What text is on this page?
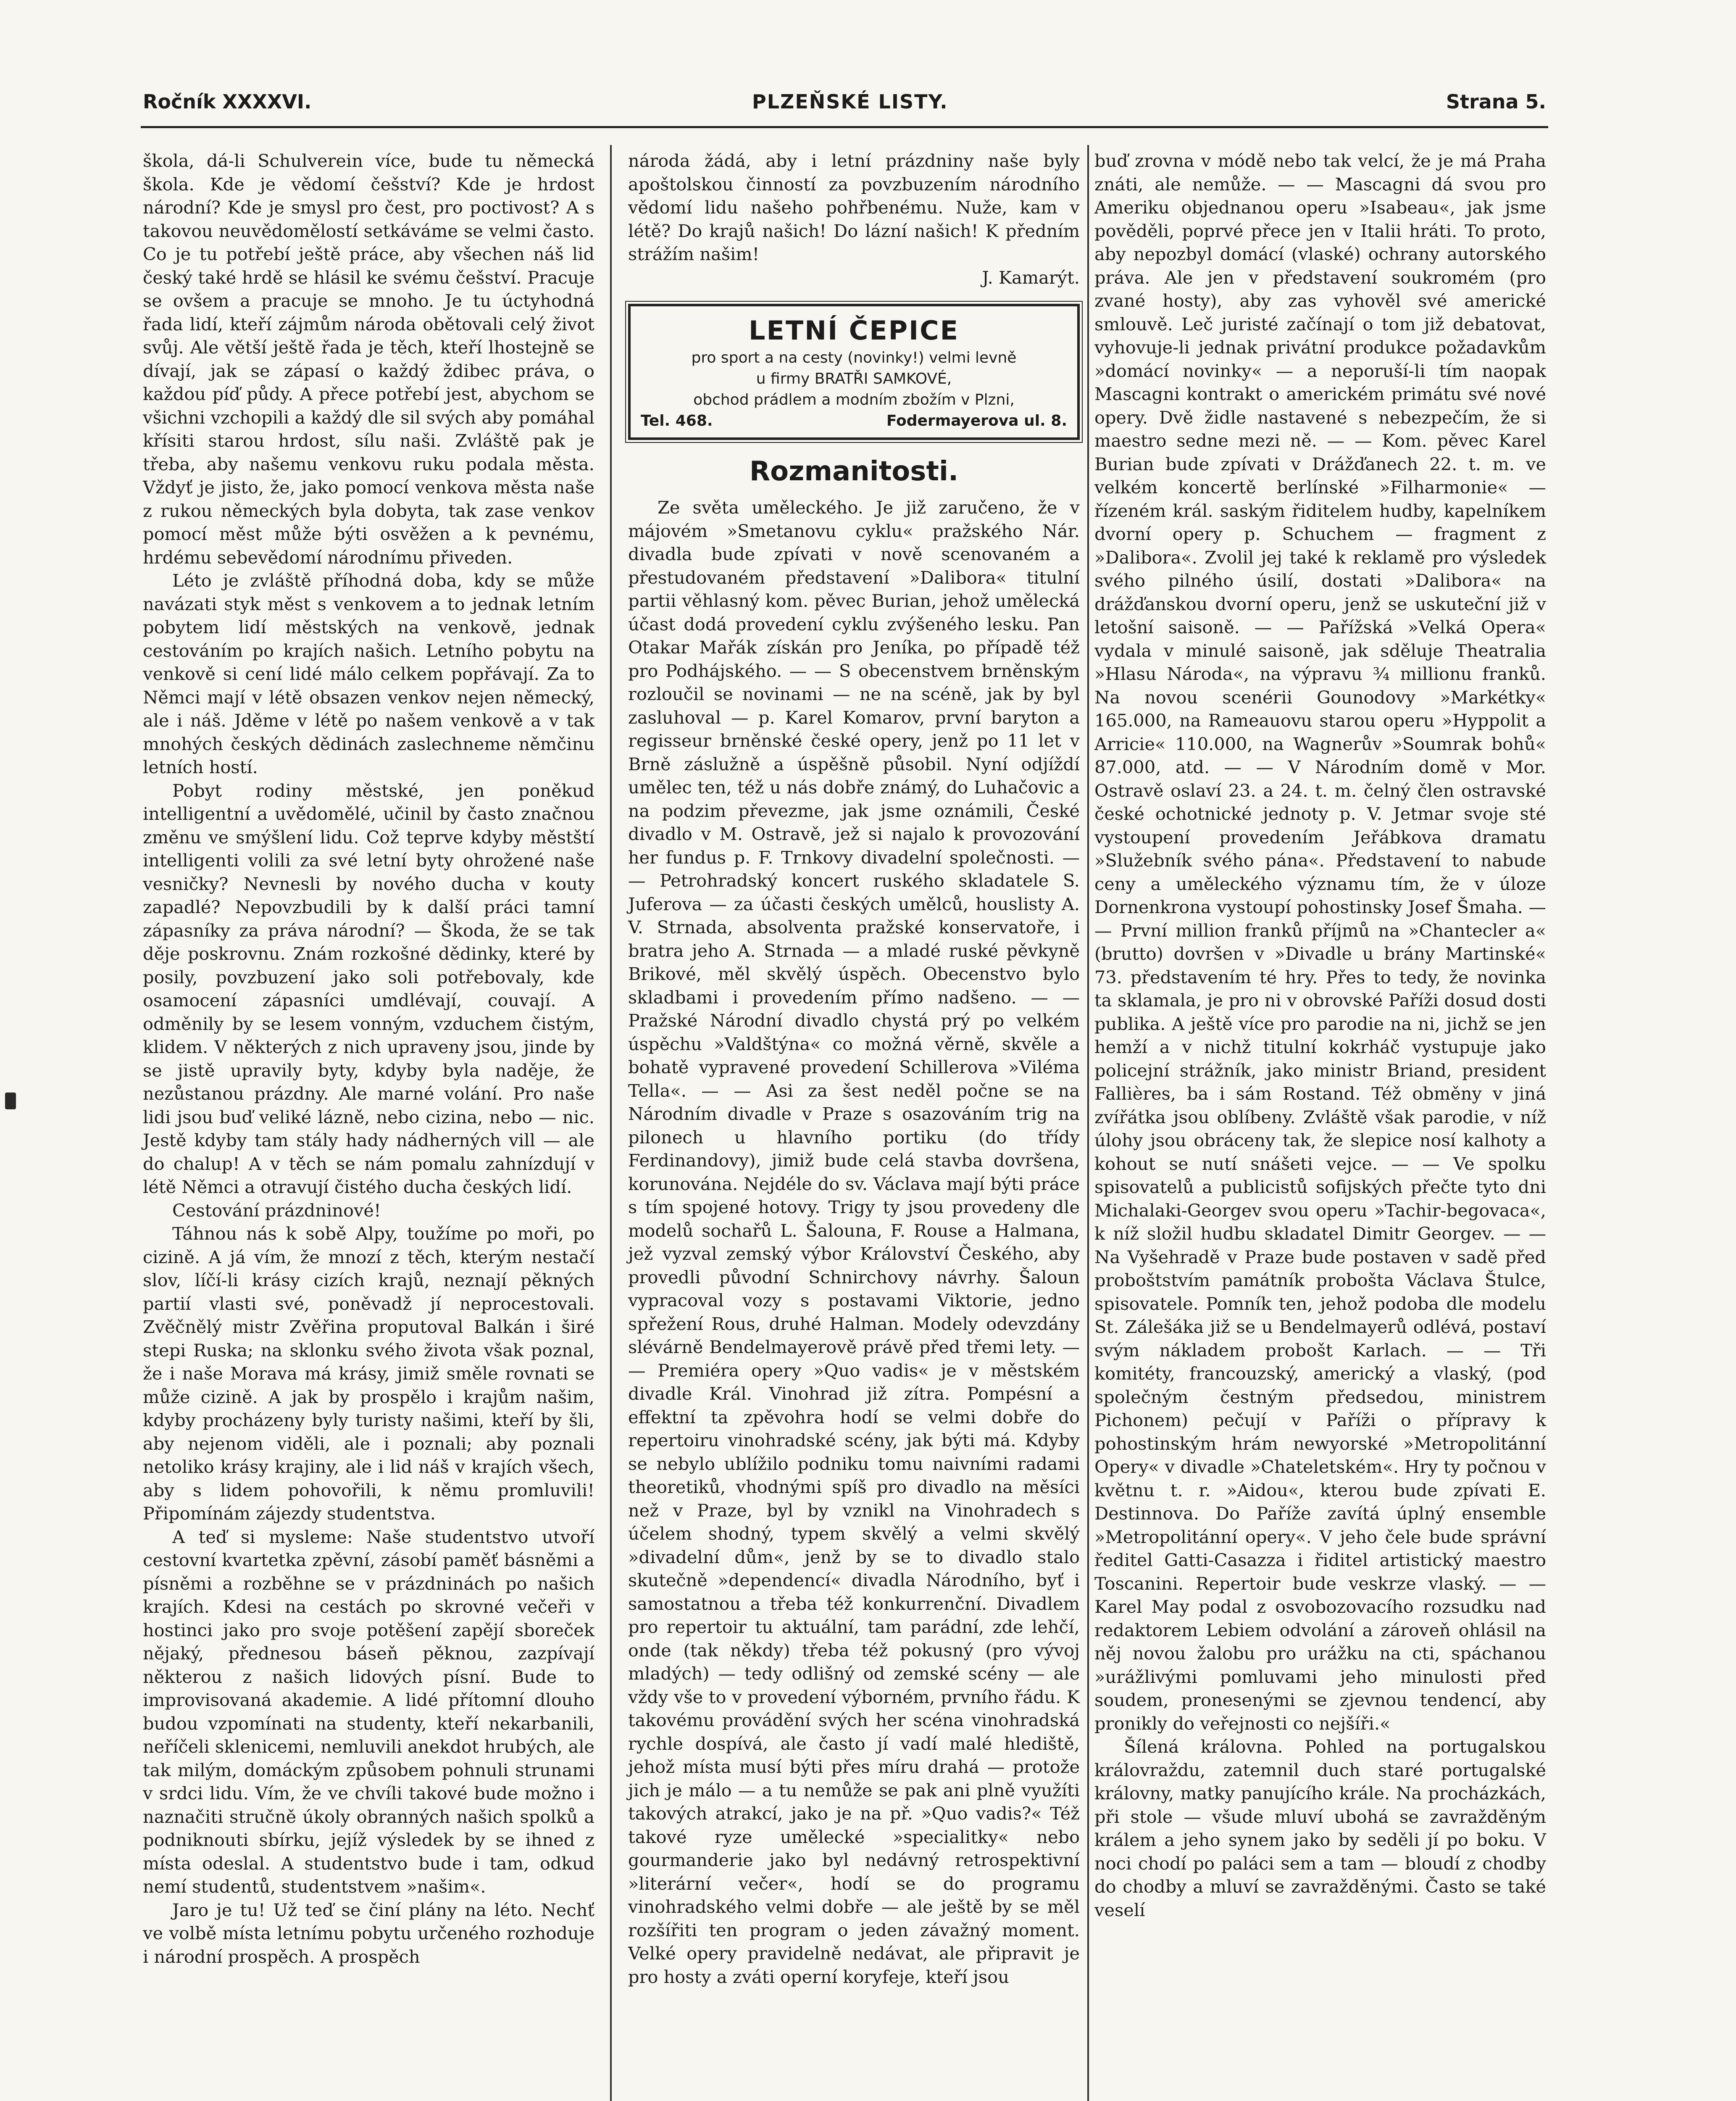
Ročník XXXXVI.	PLZEŇSKÉ LISTY.	Strana 5.

škola, dá-li Schulverein více, bude tu německá škola. Kde je vědomí češství? Kde je hrdost národní? Kde je smysl pro čest, pro poctivost? A s takovou neuvědomělostí setkáváme se velmi často. Co je tu potřebí ještě práce, aby všechen náš lid český také hrdě se hlásil ke svému češství. Pracuje se ovšem a pracuje se mnoho. Je tu úctyhodná řada lidí, kteří zájmům národa obětovali celý život svůj. Ale větší ještě řada je těch, kteří lhostejně se dívají, jak se zápasí o každý ždibec práva, o každou píď půdy. A přece potřebí jest, abychom se všichni vzchopili a každý dle sil svých aby pomáhal křísiti starou hrdost, sílu naši. Zvláště pak je třeba, aby našemu venkovu ruku podala města. Vždyť je jisto, že, jako pomocí venkova města naše z rukou německých byla dobyta, tak zase venkov pomocí měst může býti osvěžen a k pevnému, hrdému sebevědomí národnímu přiveden.

Léto je zvláště příhodná doba, kdy se může navázati styk měst s venkovem a to jednak letním pobytem lidí městských na venkově, jednak cestováním po krajích našich. Letního pobytu na venkově si cení lidé málo celkem popřávají. Za to Němci mají v létě obsazen venkov nejen německý, ale i náš. Jděme v létě po našem venkově a v tak mnohých českých dědinách zaslechneme němčinu letních hostí.

Pobyt rodiny městské, jen poněkud intelligentní a uvědomělé, učinil by často značnou změnu ve smýšlení lidu. Což teprve kdyby městští intelligenti volili za své letní byty ohrožené naše vesničky? Nevnesli by nového ducha v kouty zapadlé? Nepovzbudili by k další práci tamní zápasníky za práva národní? — Škoda, že se tak děje poskrovnu. Znám rozkošné dědinky, které by posily, povzbuzení jako soli potřebovaly, kde osamocení zápasníci umdlévají, couvají. A odměnily by se lesem vonným, vzduchem čistým, klidem. V některých z nich upraveny jsou, jinde by se jistě upravily byty, kdyby byla naděje, že nezůstanou prázdny. Ale marné volání. Pro naše lidi jsou buď veliké lázně, nebo cizina, nebo — nic. Jestě kdyby tam stály hady nádherných vill — ale do chalup! A v těch se nám pomalu zahnízdují v létě Němci a otravují čistého ducha českých lidí.

Cestování prázdninové!

Táhnou nás k sobě Alpy, toužíme po moři, po cizině. A já vím, že mnozí z těch, kterým nestačí slov, líčí-li krásy cizích krajů, neznají pěkných partií vlasti své, poněvadž jí neprocestovali. Zvěčnělý mistr Zvěřina proputoval Balkán i širé stepi Ruska; na sklonku svého života však poznal, že i naše Morava má krásy, jimiž směle rovnati se může cizině. A jak by prospělo i krajům našim, kdyby procházeny byly turisty našimi, kteří by šli, aby nejenom viděli, ale i poznali; aby poznali netoliko krásy krajiny, ale i lid náš v krajích všech, aby s lidem pohovořili, k němu promluvili! Připomínám zájezdy studentstva.

A teď si mysleme: Naše studentstvo utvoří cestovní kvartetka zpěvní, zásobí paměť básněmi a písněmi a rozběhne se v prázdninách po našich krajích. Kdesi na cestách po skrovné večeři v hostinci jako pro svoje potěšení zapějí sboreček nějaký, přednesou báseň pěknou, zazpívají některou z našich lidových písní. Bude to improvisovaná akademie. A lidé přítomní dlouho budou vzpomínati na studenty, kteří nekarbanili, neříčeli sklenicemi, nemluvili anekdot hrubých, ale tak milým, domáckým způsobem pohnuli strunami v srdci lidu. Vím, že ve chvíli takové bude možno i naznačiti stručně úkoly obranných našich spolků a podniknouti sbírku, jejíž výsledek by se ihned z místa odeslal. A studentstvo bude i tam, odkud nemí studentů, studentstvem »našim«.

Jaro je tu! Už teď se činí plány na léto. Nechť ve volbě místa letnímu pobytu určeného rozhoduje i národní prospěch. A prospěch

národa žádá, aby i letní prázdniny naše byly apoštolskou činností za povzbuzením národního vědomí lidu našeho pohřbenému. Nuže, kam v létě? Do krajů našich! Do lázní našich! K předním strážím našim!

J. Kamarýt.

LETNÍ ČEPICE
pro sport a na cesty (novinky!) velmi levně
u firmy BRATŘI SAMKOVÉ,
obchod prádlem a modním zbožím v Plzni,
Tel. 468.	Fodermayerova ul. 8.
Rozmanitosti.

Ze světa uměleckého. Je již zaručeno, že v májovém »Smetanovu cyklu« pražského Nár. divadla bude zpívati v nově scenovaném a přestudovaném představení »Dalibora« titulní partii věhlasný kom. pěvec Burian, jehož umělecká účast dodá provedení cyklu zvýšeného lesku. Pan Otakar Mařák získán pro Jeníka, po případě též pro Podhájského. — — S obecenstvem brněnským rozloučil se novinami — ne na scéně, jak by byl zasluhoval — p. Karel Komarov, první baryton a regisseur brněnské české opery, jenž po 11 let v Brně záslužně a úspěšně působil. Nyní odjíždí umělec ten, též u nás dobře známý, do Luhačovic a na podzim převezme, jak jsme oznámili, České divadlo v M. Ostravě, jež si najalo k provozování her fundus p. F. Trnkovy divadelní společnosti. — — Petrohradský koncert ruského skladatele S. Juferova — za účasti českých umělců, houslisty A. V. Strnada, absolventa pražské konservatoře, i bratra jeho A. Strnada — a mladé ruské pěvkyně Brikové, měl skvělý úspěch. Obecenstvo bylo skladbami i provedením přímo nadšeno. — — Pražské Národní divadlo chystá prý po velkém úspěchu »Valdštýna« co možná věrně, skvěle a bohatě vypravené provedení Schillerova »Viléma Tella«. — — Asi za šest neděl počne se na Národním divadle v Praze s osazováním trig na pilonech u hlavního portiku (do třídy Ferdinandovy), jimiž bude celá stavba dovršena, korunována. Nejdéle do sv. Václava mají býti práce s tím spojené hotovy. Trigy ty jsou provedeny dle modelů sochařů L. Šalouna, F. Rouse a Halmana, jež vyzval zemský výbor Království Českého, aby provedli původní Schnirchovy návrhy. Šaloun vypracoval vozy s postavami Viktorie, jedno spřežení Rous, druhé Halman. Modely odevzdány slévárně Bendelmayerově právě před třemi lety. — — Premiéra opery »Quo vadis« je v městském divadle Král. Vinohrad již zítra. Pompésní a effektní ta zpěvohra hodí se velmi dobře do repertoiru vinohradské scény, jak býti má. Kdyby se nebylo ublížilo podniku tomu naivními radami theoretiků, vhodnými spíš pro divadlo na měsíci než v Praze, byl by vznikl na Vinohradech s účelem shodný, typem skvělý a velmi skvělý »divadelní dům«, jenž by se to divadlo stalo skutečně »dependencí« divadla Národního, byť i samostatnou a třeba též konkurrenční. Divadlem pro repertoir tu aktuální, tam parádní, zde lehčí, onde (tak někdy) třeba též pokusný (pro vývoj mladých) — tedy odlišný od zemské scény — ale vždy vše to v provedení výborném, prvního řádu. K takovému provádění svých her scéna vinohradská rychle dospívá, ale často jí vadí malé hlediště, jehož místa musí býti přes míru drahá — protože jich je málo — a tu nemůže se pak ani plně využíti takových atrakcí, jako je na př. »Quo vadis?« Též takové ryze umělecké »specialitky« nebo gourmanderie jako byl nedávný retrospektivní »literární večer«, hodí se do programu vinohradského velmi dobře — ale ještě by se měl rozšířiti ten program o jeden závažný moment. Velké opery pravidelně nedávat, ale připravit je pro hosty a zváti operní koryfeje, kteří jsou

buď zrovna v módě nebo tak velcí, že je má Praha znáti, ale nemůže. — — Mascagni dá svou pro Ameriku objednanou operu »Isabeau«, jak jsme pověděli, poprvé přece jen v Italii hráti. To proto, aby nepozbyl domácí (vlaské) ochrany autorského práva. Ale jen v představení soukromém (pro zvané hosty), aby zas vyhověl své americké smlouvě. Leč juristé začínají o tom již debatovat, vyhovuje-li jednak privátní produkce požadavkům »domácí novinky« — a neporuší-li tím naopak Mascagni kontrakt o americkém primátu své nové opery. Dvě židle nastavené s nebezpečím, že si maestro sedne mezi ně. — — Kom. pěvec Karel Burian bude zpívati v Drážďanech 22. t. m. ve velkém koncertě berlínské »Filharmonie« — řízeném král. saským řiditelem hudby, kapelníkem dvorní opery p. Schuchem — fragment z »Dalibora«. Zvolil jej také k reklamě pro výsledek svého pilného úsilí, dostati »Dalibora« na drážďanskou dvorní operu, jenž se uskuteční již v letošní saisoně. — — Pařížská »Velká Opera« vydala v minulé saisoně, jak sděluje Theatralia »Hlasu Národa«, na výpravu ¾ millionu franků. Na novou scenérii Gounodovy »Markétky« 165.000, na Rameauovu starou operu »Hyppolit a Arricie« 110.000, na Wagnerův »Soumrak bohů« 87.000, atd. — — V Národním domě v Mor. Ostravě oslaví 23. a 24. t. m. čelný člen ostravské české ochotnické jednoty p. V. Jetmar svoje sté vystoupení provedením Jeřábkova dramatu »Služebník svého pána«. Představení to nabude ceny a uměleckého významu tím, že v úloze Dornenkrona vystoupí pohostinsky Josef Šmaha. — — První million franků příjmů na »Chantecler a« (brutto) dovršen v »Divadle u brány Martinské« 73. představením té hry. Přes to tedy, že novinka ta sklamala, je pro ni v obrovské Paříži dosud dosti publika. A ještě více pro parodie na ni, jichž se jen hemží a v nichž titulní kokrháč vystupuje jako policejní strážník, jako ministr Briand, president Fallières, ba i sám Rostand. Též obměny v jiná zvířátka jsou oblíbeny. Zvláště však parodie, v níž úlohy jsou obráceny tak, že slepice nosí kalhoty a kohout se nutí snášeti vejce. — — Ve spolku spisovatelů a publicistů sofijských přečte tyto dni Michalaki-Georgev svou operu »Tachir-begovaca«, k níž složil hudbu skladatel Dimitr Georgev. — — Na Vyšehradě v Praze bude postaven v sadě před proboštstvím památník probošta Václava Štulce, spisovatele. Pomník ten, jehož podoba dle modelu St. Zálešáka již se u Bendelmayerů odlévá, postaví svým nákladem probošt Karlach. — — Tři komitéty, francouzský, americký a vlaský, (pod společným čestným předsedou, ministrem Pichonem) pečují v Paříži o přípravy k pohostinským hrám newyorské »Metropolitánní Opery« v divadle »Chateletském«. Hry ty počnou v květnu t. r. »Aidou«, kterou bude zpívati E. Destinnova. Do Paříže zavítá úplný ensemble »Metropolitánní opery«. V jeho čele bude správní ředitel Gatti-Casazza i řiditel artistický maestro Toscanini. Repertoir bude veskrze vlaský. — — Karel May podal z osvobozovacího rozsudku nad redaktorem Lebiem odvolání a zároveň ohlásil na něj novou žalobu pro urážku na cti, spáchanou »urážlivými pomluvami jeho minulosti před soudem, pronesenými se zjevnou tendencí, aby pronikly do veřejnosti co nejšíři.«

Šílená královna. Pohled na portugalskou královraždu, zatemnil duch staré portugalské královny, matky panujícího krále. Na procházkách, při stole — všude mluví ubohá se zavražděným králem a jeho synem jako by seděli jí po boku. V noci chodí po paláci sem a tam — bloudí z chodby do chodby a mluví se zavražděnými. Často se také veselí
